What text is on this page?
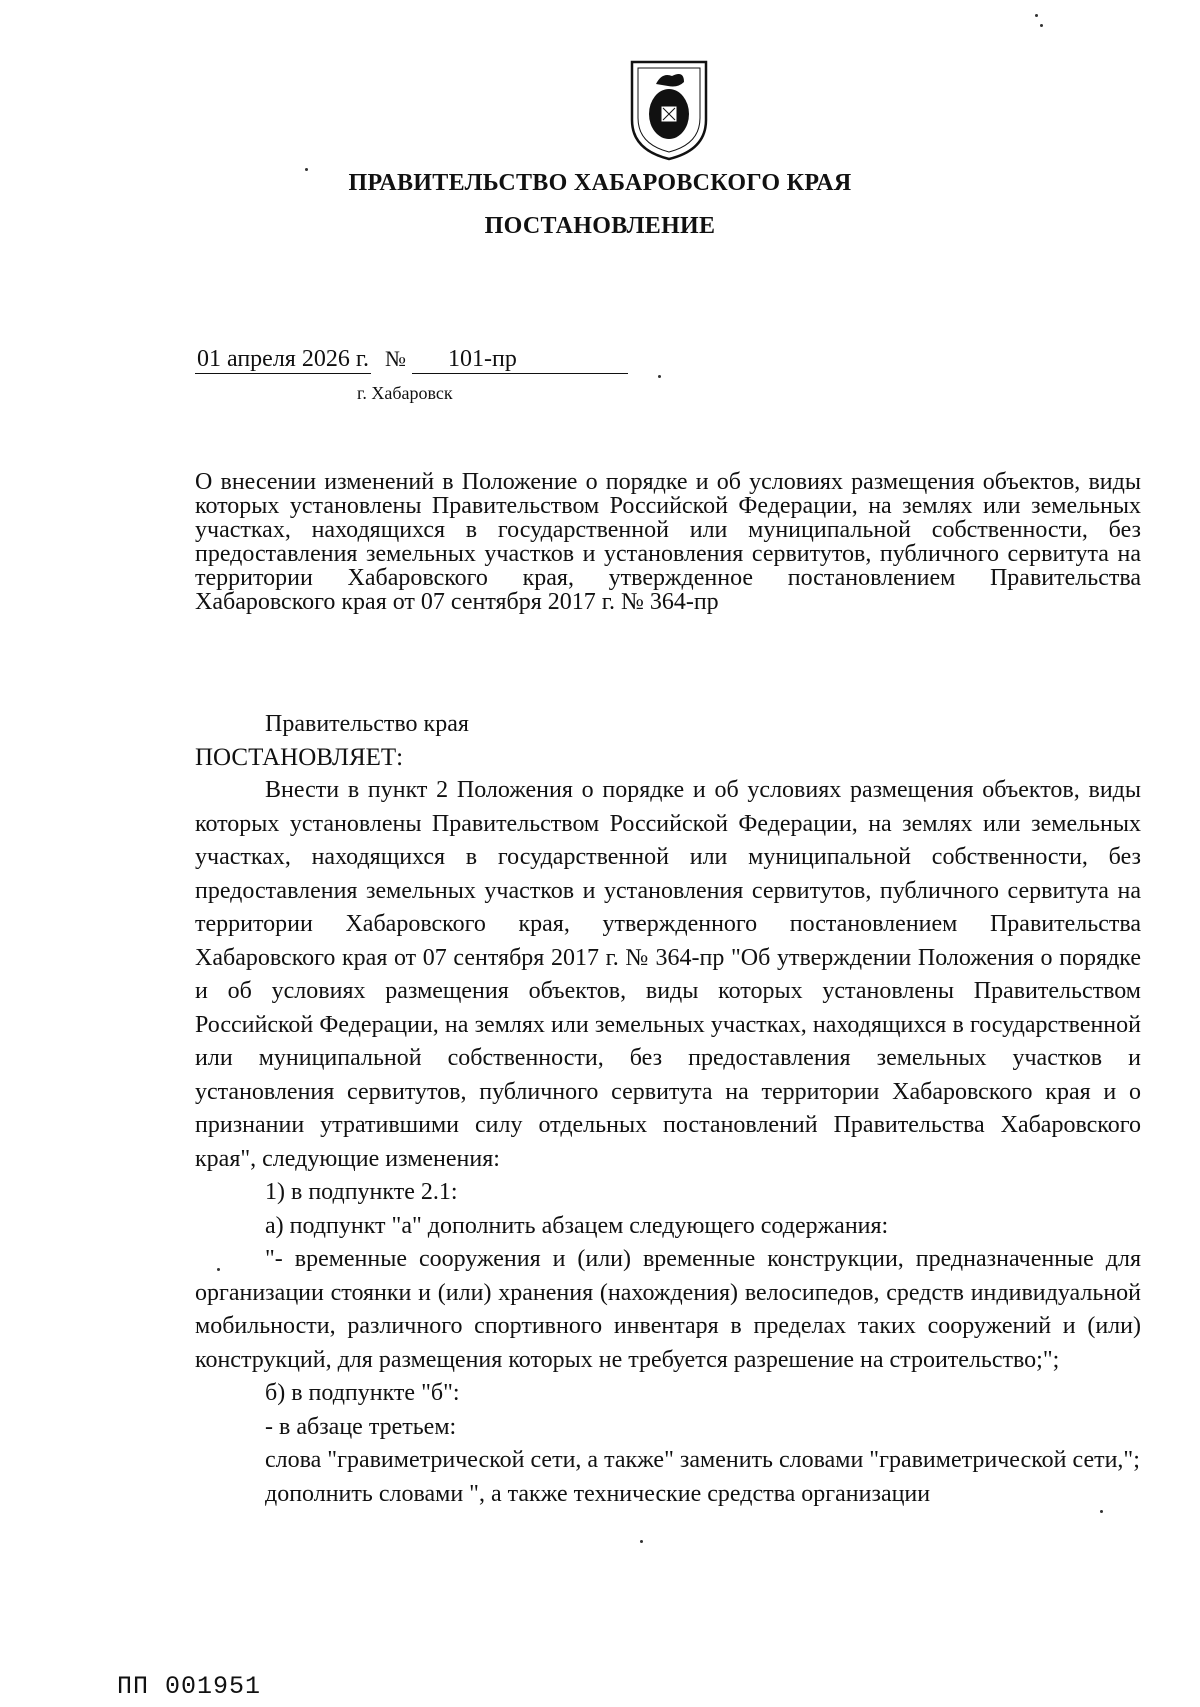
ПРАВИТЕЛЬСТВО ХАБАРОВСКОГО КРАЯ
ПОСТАНОВЛЕНИЕ
01 апреля 2026 г. № 101-пр
г. Хабаровск
О внесении изменений в Положение о порядке и об условиях размещения объектов, виды которых установлены Правительством Российской Федерации, на землях или земельных участках, находящихся в государственной или муниципальной собственности, без предоставления земельных участков и установления сервитутов, публичного сервитута на территории Хабаровского края, утвержденное постановлением Правительства Хабаровского края от 07 сентября 2017 г. № 364-пр
Правительство края
ПОСТАНОВЛЯЕТ:

Внести в пункт 2 Положения о порядке и об условиях размещения объектов, виды которых установлены Правительством Российской Федерации, на землях или земельных участках, находящихся в государственной или муниципальной собственности, без предоставления земельных участков и установления сервитутов, публичного сервитута на территории Хабаровского края, утвержденного постановлением Правительства Хабаровского края от 07 сентября 2017 г. № 364-пр "Об утверждении Положения о порядке и об условиях размещения объектов, виды которых установлены Правительством Российской Федерации, на землях или земельных участках, находящихся в государственной или муниципальной собственности, без предоставления земельных участков и установления сервитутов, публичного сервитута на территории Хабаровского края и о признании утратившими силу отдельных постановлений Правительства Хабаровского края", следующие изменения:

1) в подпункте 2.1:

а) подпункт "а" дополнить абзацем следующего содержания:

"- временные сооружения и (или) временные конструкции, предназначенные для организации стоянки и (или) хранения (нахождения) велосипедов, средств индивидуальной мобильности, различного спортивного инвентаря в пределах таких сооружений и (или) конструкций, для размещения которых не требуется разрешение на строительство;";

б) в подпункте "б":

- в абзаце третьем:

слова "гравиметрической сети, а также" заменить словами "гравиметрической сети,";

дополнить словами ", а также технические средства организации

ПП 001951
